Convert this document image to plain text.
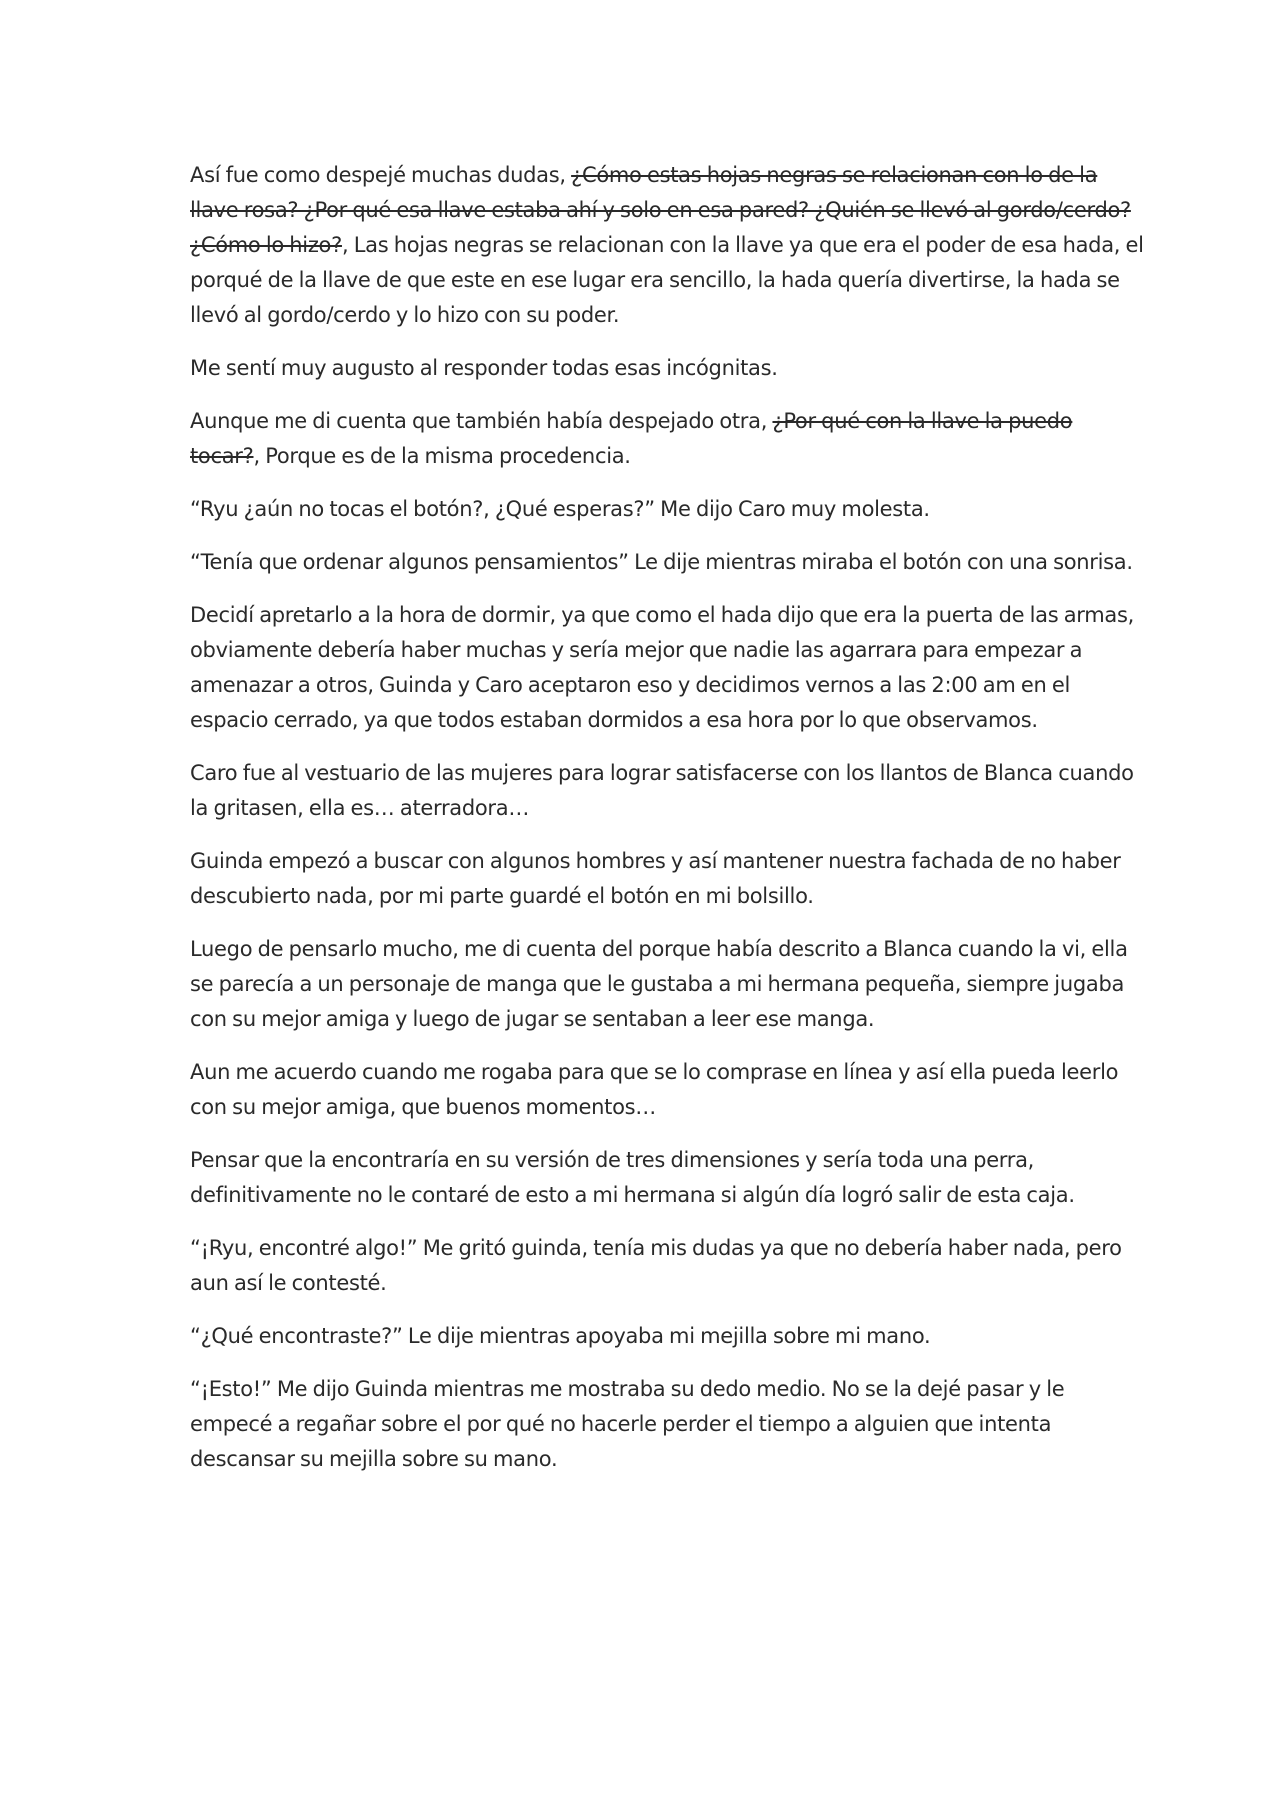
Así fue como despejé muchas dudas, ¿Cómo estas hojas negras se relacionan con lo de la llave rosa? ¿Por qué esa llave estaba ahí y solo en esa pared? ¿Quién se llevó al gordo/cerdo? ¿Cómo lo hizo?, Las hojas negras se relacionan con la llave ya que era el poder de esa hada, el porqué de la llave de que este en ese lugar era sencillo, la hada quería divertirse, la hada se llevó al gordo/cerdo y lo hizo con su poder.

Me sentí muy augusto al responder todas esas incógnitas.

Aunque me di cuenta que también había despejado otra, ¿Por qué con la llave la puedo tocar?, Porque es de la misma procedencia.

“Ryu ¿aún no tocas el botón?, ¿Qué esperas?” Me dijo Caro muy molesta.

“Tenía que ordenar algunos pensamientos” Le dije mientras miraba el botón con una sonrisa.

Decidí apretarlo a la hora de dormir, ya que como el hada dijo que era la puerta de las armas, obviamente debería haber muchas y sería mejor que nadie las agarrara para empezar a amenazar a otros, Guinda y Caro aceptaron eso y decidimos vernos a las 2:00 am en el espacio cerrado, ya que todos estaban dormidos a esa hora por lo que observamos.

Caro fue al vestuario de las mujeres para lograr satisfacerse con los llantos de Blanca cuando la gritasen, ella es… aterradora…

Guinda empezó a buscar con algunos hombres y así mantener nuestra fachada de no haber descubierto nada, por mi parte guardé el botón en mi bolsillo.

Luego de pensarlo mucho, me di cuenta del porque había descrito a Blanca cuando la vi, ella se parecía a un personaje de manga que le gustaba a mi hermana pequeña, siempre jugaba con su mejor amiga y luego de jugar se sentaban a leer ese manga.

Aun me acuerdo cuando me rogaba para que se lo comprase en línea y así ella pueda leerlo con su mejor amiga, que buenos momentos…

Pensar que la encontraría en su versión de tres dimensiones y sería toda una perra, definitivamente no le contaré de esto a mi hermana si algún día logró salir de esta caja.

“¡Ryu, encontré algo!” Me gritó guinda, tenía mis dudas ya que no debería haber nada, pero aun así le contesté.

“¿Qué encontraste?” Le dije mientras apoyaba mi mejilla sobre mi mano.

“¡Esto!” Me dijo Guinda mientras me mostraba su dedo medio. No se la dejé pasar y le empecé a regañar sobre el por qué no hacerle perder el tiempo a alguien que intenta descansar su mejilla sobre su mano.
